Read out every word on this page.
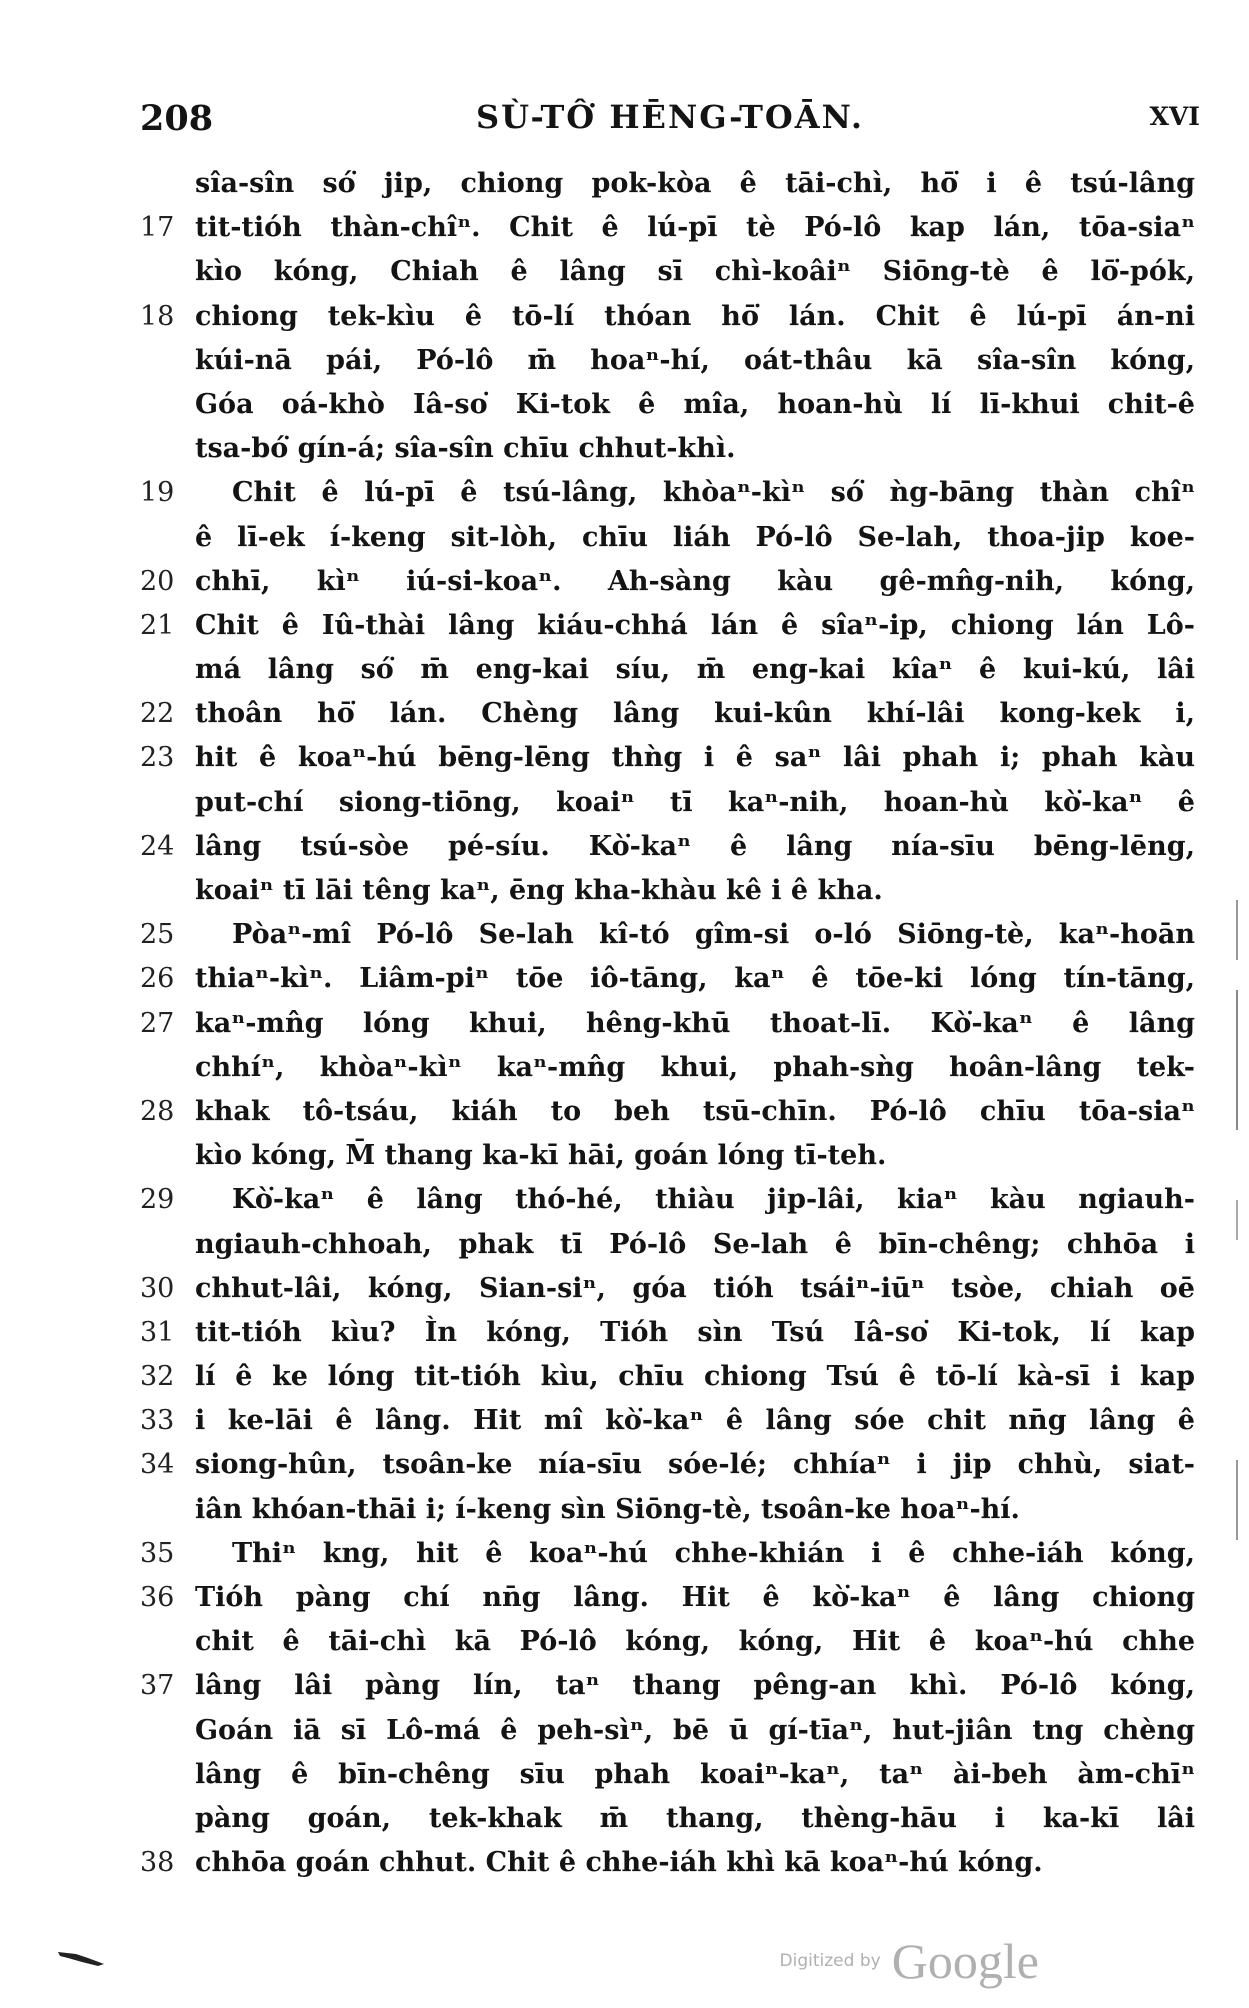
208	SÙ-TÔ͘ HĒNG-TOĀN.	XVI
sîa-sîn só͘ jip, chiong pok-kòa ê tāi-chì, hō͘ i ê tsú-lâng
17 tit-tióh thàn-chîⁿ. Chit ê lú-pī tè Pó-lô kap lán, tōa-siaⁿ
kìo kóng, Chiah ê lâng sī chì-koâiⁿ Siōng-tè ê lō͘-pók,
18 chiong tek-kìu ê tō-lí thóan hō͘ lán. Chit ê lú-pī án-ni
kúi-nā pái, Pó-lô m̄ hoaⁿ-hí, oát-thâu kā sîa-sîn kóng,
Góa oá-khò Iâ-so͘ Ki-tok ê mîa, hoan-hù lí lī-khui chit-ê
tsa-bó͘ gín-á; sîa-sîn chīu chhut-khì.
19	Chit ê lú-pī ê tsú-lâng, khòaⁿ-kìⁿ só͘ ǹg-bāng thàn chîⁿ
ê lī-ek í-keng sit-lòh, chīu liáh Pó-lô Se-lah, thoa-jip koe-
20 chhī, kìⁿ iú-si-koaⁿ. Ah-sàng kàu gê-mn̂g-nih, kóng,
21 Chit ê Iû-thài lâng kiáu-chhá lán ê sîaⁿ-ip, chiong lán Lô-
má lâng só͘ m̄ eng-kai síu, m̄ eng-kai kîaⁿ ê kui-kú, lâi
22 thoân hō͘ lán. Chèng lâng kui-kûn khí-lâi kong-kek i,
23 hit ê koaⁿ-hú bēng-lēng thǹg i ê saⁿ lâi phah i; phah kàu
put-chí siong-tiōng, koaiⁿ tī kaⁿ-nih, hoan-hù kò͘-kaⁿ ê
24 lâng tsú-sòe pé-síu. Kò͘-kaⁿ ê lâng nía-sīu bēng-lēng,
koaiⁿ tī lāi têng kaⁿ, ēng kha-khàu kê i ê kha.
25	Pòaⁿ-mî Pó-lô Se-lah kî-tó gîm-si o-ló Siōng-tè, kaⁿ-hoān
26 thiaⁿ-kìⁿ. Liâm-piⁿ tōe iô-tāng, kaⁿ ê tōe-ki lóng tín-tāng,
27 kaⁿ-mn̂g lóng khui, hêng-khū thoat-lī. Kò͘-kaⁿ ê lâng
chhíⁿ, khòaⁿ-kìⁿ kaⁿ-mn̂g khui, phah-sǹg hoân-lâng tek-
28 khak tô-tsáu, kiáh to beh tsū-chīn. Pó-lô chīu tōa-siaⁿ
kìo kóng, M̄ thang ka-kī hāi, goán lóng tī-teh.
29	Kò͘-kaⁿ ê lâng thó-hé, thiàu jip-lâi, kiaⁿ kàu ngiauh-
ngiauh-chhoah, phak tī Pó-lô Se-lah ê bīn-chêng; chhōa i
30 chhut-lâi, kóng, Sian-siⁿ, góa tióh tsáiⁿ-iūⁿ tsòe, chiah oē
31 tit-tióh kìu? Ìn kóng, Tióh sìn Tsú Iâ-so͘ Ki-tok, lí kap
32 lí ê ke lóng tit-tióh kìu, chīu chiong Tsú ê tō-lí kà-sī i kap
33 i ke-lāi ê lâng. Hit mî kò͘-kaⁿ ê lâng sóe chit nn̄g lâng ê
34 siong-hûn, tsoân-ke nía-sīu sóe-lé; chhíaⁿ i jip chhù, siat-
iân khóan-thāi i; í-keng sìn Siōng-tè, tsoân-ke hoaⁿ-hí.
35	Thiⁿ kng, hit ê koaⁿ-hú chhe-khián i ê chhe-iáh kóng,
36 Tióh pàng chí nn̄g lâng. Hit ê kò͘-kaⁿ ê lâng chiong
chit ê tāi-chì kā Pó-lô kóng, kóng, Hit ê koaⁿ-hú chhe
37 lâng lâi pàng lín, taⁿ thang pêng-an khì. Pó-lô kóng,
Goán iā sī Lô-má ê peh-sìⁿ, bē ū gí-tīaⁿ, hut-jiân tng chèng
lâng ê bīn-chêng sīu phah koaiⁿ-kaⁿ, taⁿ ài-beh àm-chīⁿ
pàng goán, tek-khak m̄ thang, thèng-hāu i ka-kī lâi
38 chhōa goán chhut. Chit ê chhe-iáh khì kā koaⁿ-hú kóng.
Digitized by Google
